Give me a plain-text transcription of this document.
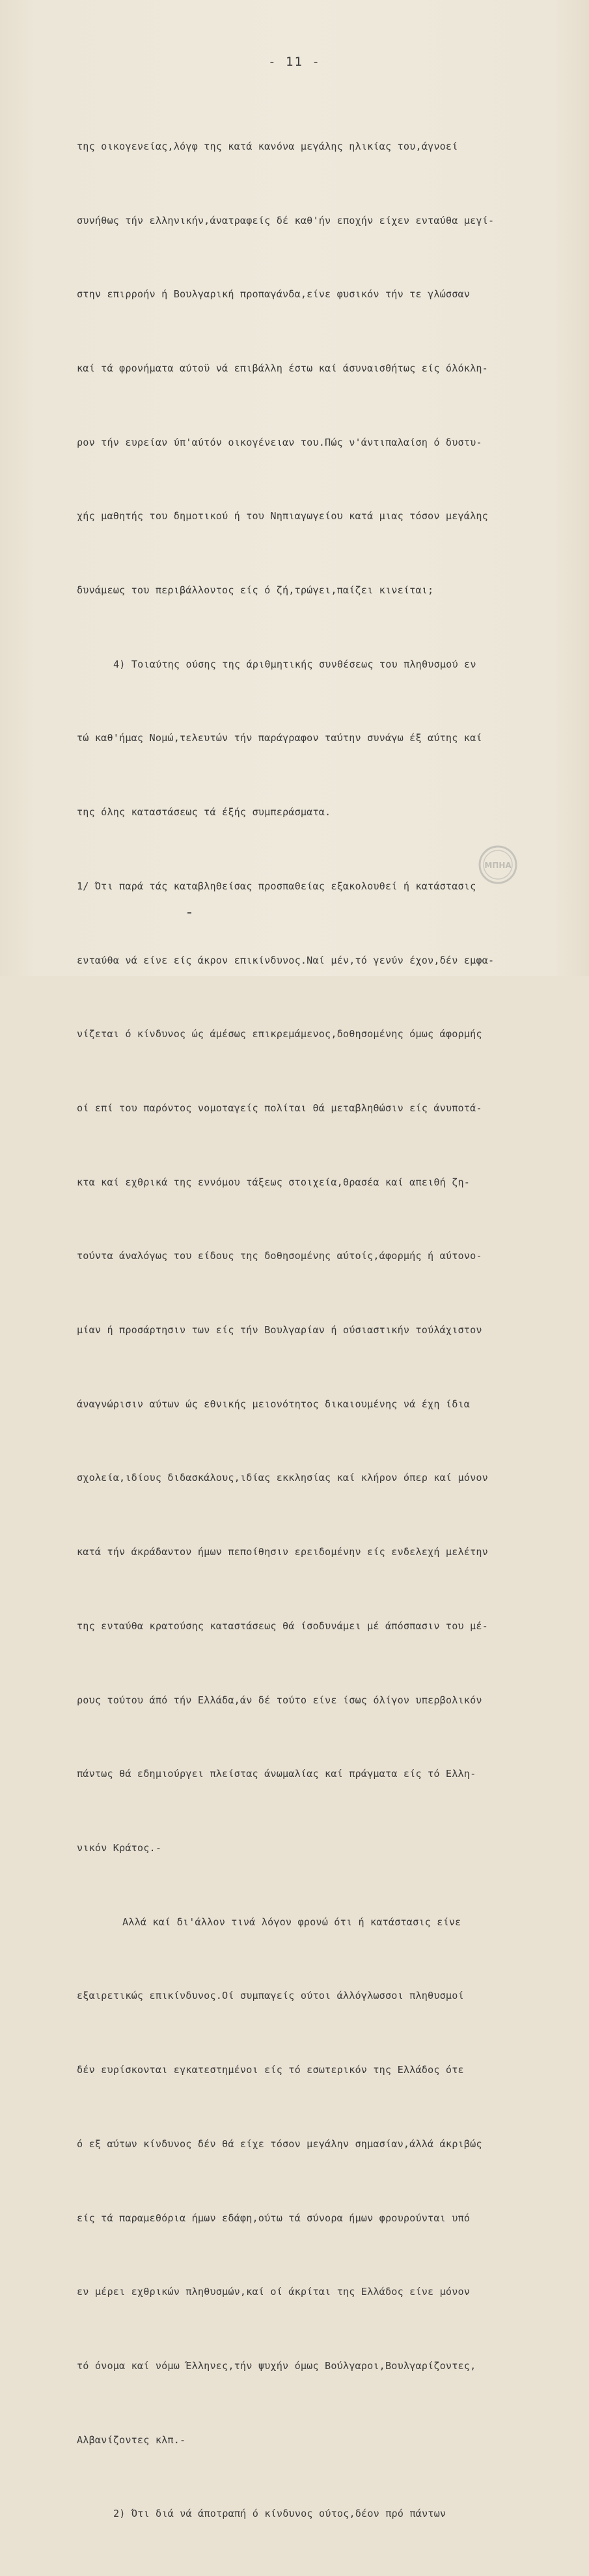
- 11 -

της οικογενείας,λόγφ της κατά κανόνα μεγάλης ηλικίας του,άγνοεί

συνήθως τήν ελληνικήν,άνατραφείς δέ καθ'ήν εποχήν είχεν ενταύθα μεγί-

στην επιρροήν ή Βουλγαρική προπαγάνδα,είνε φυσικόν τήν τε γλώσσαν

καί τά φρονήματα αύτοϋ νά επιβάλλη έστω καί άσυναισθήτως είς όλόκλη-

ρον τήν ευρείαν ύπ'αύτόν οικογένειαν του.Πώς ν'άντιπαλαίση ό δυστυ-

χής μαθητής του δημοτικού ή του Νηπιαγωγείου κατά μιας τόσον μεγάλης

δυνάμεως του περιβάλλοντος είς ό ζή,τρώγει,παίζει κινείται;

4) Τοιαύτης ούσης της άριθμητικής συνθέσεως του πληθυσμού εν

τώ καθ'ήμας Νομώ,τελευτών τήν παράγραφον ταύτην συνάγω έξ αύτης καί

της όλης καταστάσεως τά έξής συμπεράσματα.

1/ Ότι παρά τάς καταβληθείσας προσπαθείας εξακολουθεί ή κατάστασις

ενταύθα νά είνε είς άκρον επικίνδυνος.Ναί μέν,τό γενύν έχον,δέν εμφα-

νίζεται ό κίνδυνος ώς άμέσως επικρεμάμενος,δοθησομένης όμως άφορμής

οί επί του παρόντος νομοταγείς πολίται θά μεταβληθώσιν είς άνυποτά-

κτα καί εχθρικά της εννόμου τάξεως στοιχεία,θρασέα καί απειθή ζη-

τούντα άναλόγως του είδους της δοθησομένης αύτοίς,άφορμής ή αύτονο-

μίαν ή προσάρτησιν των είς τήν Βουλγαρίαν ή ούσιαστικήν τούλάχιστον

άναγνώρισιν αύτων ώς εθνικής μειονότητος δικαιουμένης νά έχη ίδια

σχολεία,ιδίους διδασκάλους,ιδίας εκκλησίας καί κλήρον όπερ καί μόνον

κατά τήν άκράδαντον ήμων πεποίθησιν ερειδομένην είς ενδελεχή μελέτην

της ενταύθα κρατούσης καταστάσεως θά ίσοδυνάμει μέ άπόσπασιν του μέ-

ρους τούτου άπό τήν Ελλάδα,άν δέ τούτο είνε ίσως όλίγον υπερβολικόν

πάντως θά εδημιούργει πλείστας άνωμαλίας καί πράγματα είς τό Ελλη-

νικόν Κράτος.-

Αλλά καί δι'άλλον τινά λόγον φρονώ ότι ή κατάστασις είνε

εξαιρετικώς επικίνδυνος.Οί συμπαγείς ούτοι άλλόγλωσσοι πληθυσμοί

δέν ευρίσκονται εγκατεστημένοι είς τό εσωτερικόν της Ελλάδος ότε

ό εξ αύτων κίνδυνος δέν θά είχε τόσον μεγάλην σημασίαν,άλλά άκριβώς

είς τά παραμεθόρια ήμων εδάφη,ούτω τά σύνορα ήμων φρουρούνται υπό

εν μέρει εχθρικών πληθυσμών,καί οί άκρίται της Ελλάδος είνε μόνον

τό όνομα καί νόμω Έλληνες,τήν ψυχήν όμως Βούλγαροι,Βουλγαρίζοντες,

Αλβανίζοντες κλπ.-

2) Ότι διά νά άποτραπή ό κίνδυνος ούτος,δέον πρό πάντων

ΜΠΗΑ
